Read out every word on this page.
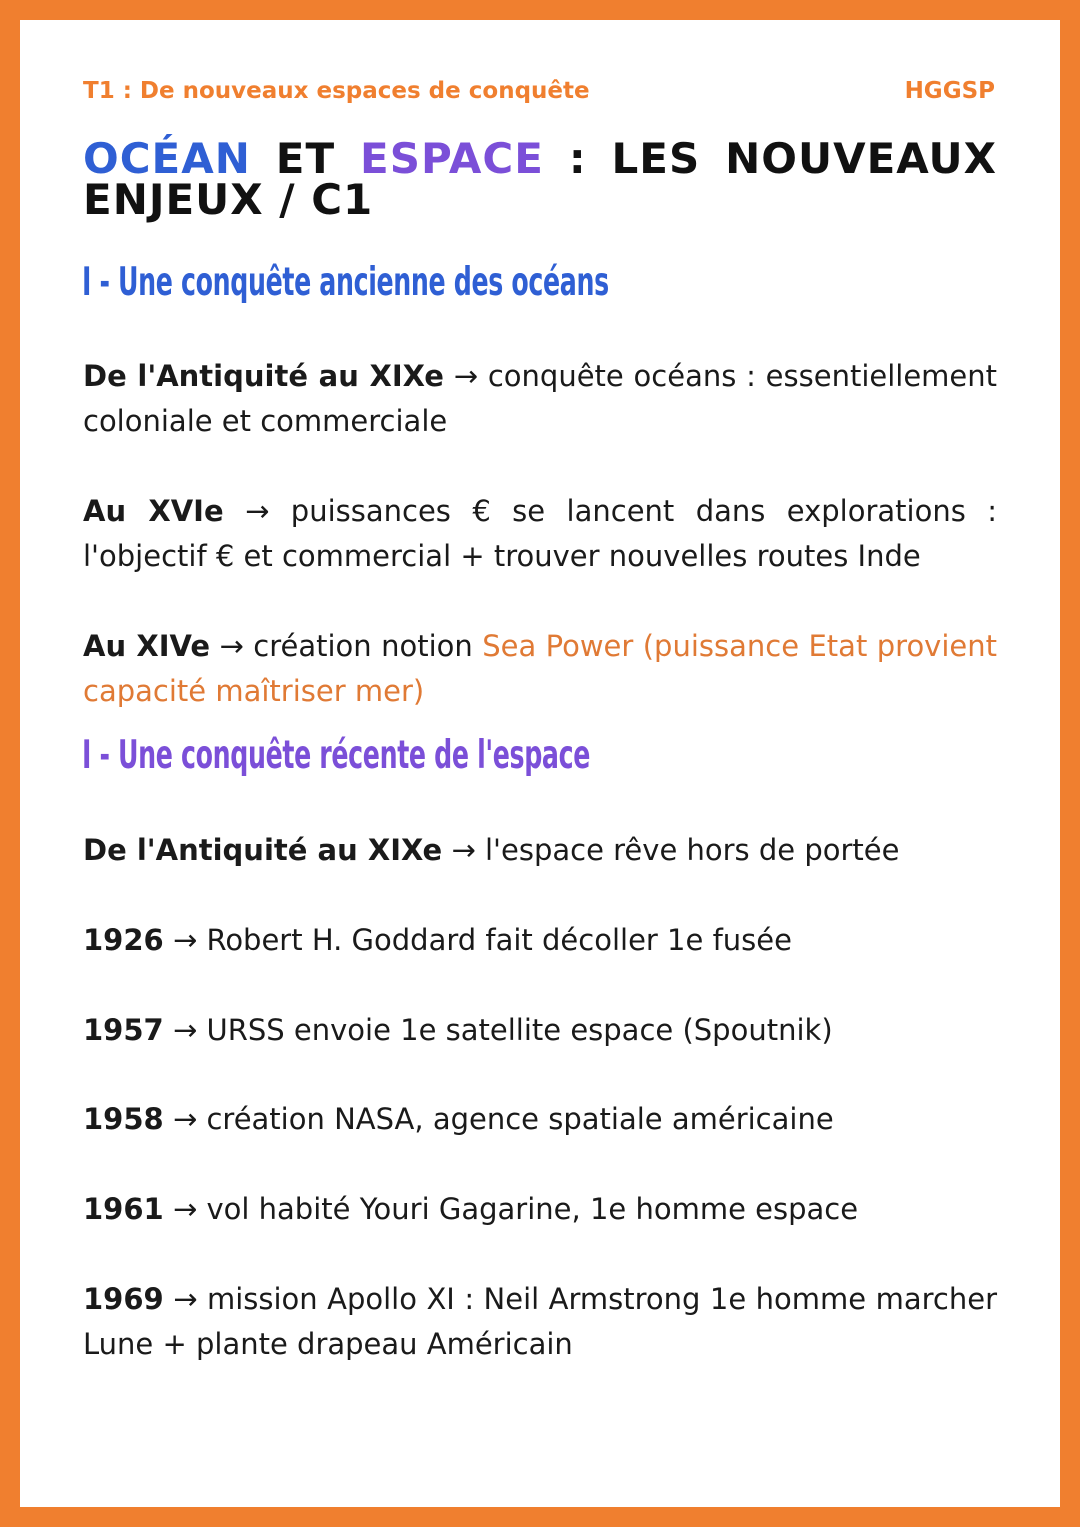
T1 : De nouveaux espaces de conquête	HGGSP
OCÉAN ET ESPACE : LES NOUVEAUX ENJEUX / C1
I - Une conquête ancienne des océans
De l'Antiquité au XIXe → conquête océans : essentiellement coloniale et commerciale
Au XVIe → puissances € se lancent dans explorations : l'objectif € et commercial + trouver nouvelles routes Inde
Au XIVe → création notion Sea Power (puissance Etat provient capacité maîtriser mer)
I - Une conquête récente de l'espace
De l'Antiquité au XIXe → l'espace rêve hors de portée
1926 → Robert H. Goddard fait décoller 1e fusée
1957 → URSS envoie 1e satellite espace (Spoutnik)
1958 → création NASA, agence spatiale américaine
1961 → vol habité Youri Gagarine, 1e homme espace
1969 → mission Apollo XI : Neil Armstrong 1e homme marcher Lune + plante drapeau Américain
